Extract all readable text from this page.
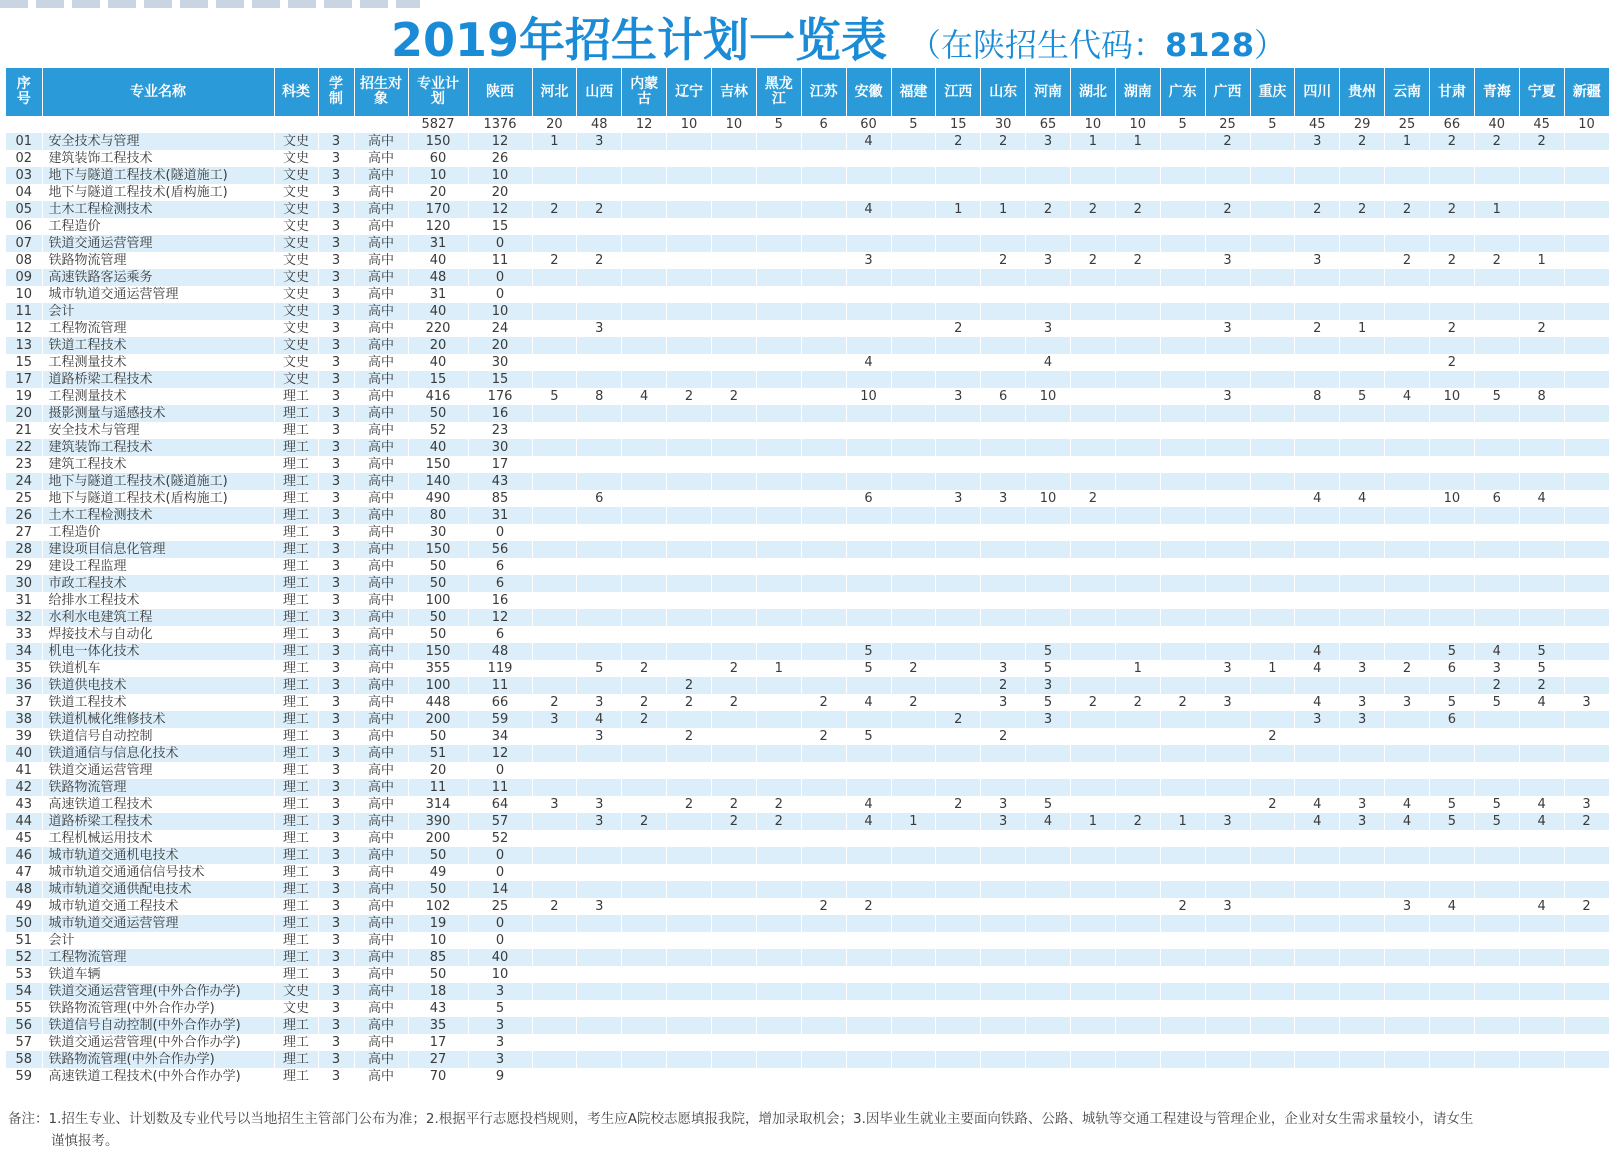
2019年招生计划一览表 （在陕招生代码：8128）
序号	专业名称	科类	学制	招生对象	专业计划	陕西	河北	山西	内蒙古	辽宁	吉林	黑龙江	江苏	安徽	福建	江西	山东	河南	湖北	湖南	广东	广西	重庆	四川	贵州	云南	甘肃	青海	宁夏	新疆
					5827	1376	20	48	12	10	10	5	6	60	5	15	30	65	10	10	5	25	5	45	29	25	66	40	45	10
01	安全技术与管理	文史	3	高中	150	12	1	3						4		2	2	3	1	1		2		3	2	1	2	2	2	
02	建筑装饰工程技术	文史	3	高中	60	26																								
03	地下与隧道工程技术(隧道施工)	文史	3	高中	10	10																								
04	地下与隧道工程技术(盾构施工)	文史	3	高中	20	20																								
05	土木工程检测技术	文史	3	高中	170	12	2	2						4		1	1	2	2	2		2		2	2	2	2	1		
06	工程造价	文史	3	高中	120	15																								
07	铁道交通运营管理	文史	3	高中	31	0																								
08	铁路物流管理	文史	3	高中	40	11	2	2						3			2	3	2	2		3		3		2	2	2	1	
09	高速铁路客运乘务	文史	3	高中	48	0																								
10	城市轨道交通运营管理	文史	3	高中	31	0																								
11	会计	文史	3	高中	40	10																								
12	工程物流管理	文史	3	高中	220	24		3								2		3				3		2	1		2		2	
13	铁道工程技术	文史	3	高中	20	20																								
15	工程测量技术	文史	3	高中	40	30								4				4									2			
17	道路桥梁工程技术	文史	3	高中	15	15																								
19	工程测量技术	理工	3	高中	416	176	5	8	4	2	2			10		3	6	10				3		8	5	4	10	5	8	
20	摄影测量与遥感技术	理工	3	高中	50	16																								
21	安全技术与管理	理工	3	高中	52	23																								
22	建筑装饰工程技术	理工	3	高中	40	30																								
23	建筑工程技术	理工	3	高中	150	17																								
24	地下与隧道工程技术(隧道施工)	理工	3	高中	140	43																								
25	地下与隧道工程技术(盾构施工)	理工	3	高中	490	85		6						6		3	3	10	2					4	4		10	6	4	
26	土木工程检测技术	理工	3	高中	80	31																								
27	工程造价	理工	3	高中	30	0																								
28	建设项目信息化管理	理工	3	高中	150	56																								
29	建设工程监理	理工	3	高中	50	6																								
30	市政工程技术	理工	3	高中	50	6																								
31	给排水工程技术	理工	3	高中	100	16																								
32	水利水电建筑工程	理工	3	高中	50	12																								
33	焊接技术与自动化	理工	3	高中	50	6																								
34	机电一体化技术	理工	3	高中	150	48								5				5						4			5	4	5	
35	铁道机车	理工	3	高中	355	119		5	2		2	1		5	2		3	5		1		3	1	4	3	2	6	3	5	
36	铁道供电技术	理工	3	高中	100	11				2							2	3										2	2	
37	铁道工程技术	理工	3	高中	448	66	2	3	2	2	2		2	4	2		3	5	2	2	2	3		4	3	3	5	5	4	3
38	铁道机械化维修技术	理工	3	高中	200	59	3	4	2							2		3						3	3		6			
39	铁道信号自动控制	理工	3	高中	50	34		3		2			2	5			2						2							
40	铁道通信与信息化技术	理工	3	高中	51	12																								
41	铁道交通运营管理	理工	3	高中	20	0																								
42	铁路物流管理	理工	3	高中	11	11																								
43	高速铁道工程技术	理工	3	高中	314	64	3	3		2	2	2		4		2	3	5					2	4	3	4	5	5	4	3
44	道路桥梁工程技术	理工	3	高中	390	57		3	2		2	2		4	1		3	4	1	2	1	3		4	3	4	5	5	4	2
45	工程机械运用技术	理工	3	高中	200	52																								
46	城市轨道交通机电技术	理工	3	高中	50	0																								
47	城市轨道交通通信信号技术	理工	3	高中	49	0																								
48	城市轨道交通供配电技术	理工	3	高中	50	14																								
49	城市轨道交通工程技术	理工	3	高中	102	25	2	3					2	2							2	3				3	4		4	2
50	城市轨道交通运营管理	理工	3	高中	19	0																								
51	会计	理工	3	高中	10	0																								
52	工程物流管理	理工	3	高中	85	40																								
53	铁道车辆	理工	3	高中	50	10																								
54	铁道交通运营管理(中外合作办学)	文史	3	高中	18	3																								
55	铁路物流管理(中外合作办学)	文史	3	高中	43	5																								
56	铁道信号自动控制(中外合作办学)	理工	3	高中	35	3																								
57	铁道交通运营管理(中外合作办学)	理工	3	高中	17	3																								
58	铁路物流管理(中外合作办学)	理工	3	高中	27	3																								
59	高速铁道工程技术(中外合作办学)	理工	3	高中	70	9																								
备注：1.招生专业、计划数及专业代号以当地招生主管部门公布为准；2.根据平行志愿投档规则，考生应A院校志愿填报我院，增加录取机会；3.因毕业生就业主要面向铁路、公路、城轨等交通工程建设与管理企业，企业对女生需求量较小，请女生
谨慎报考。
